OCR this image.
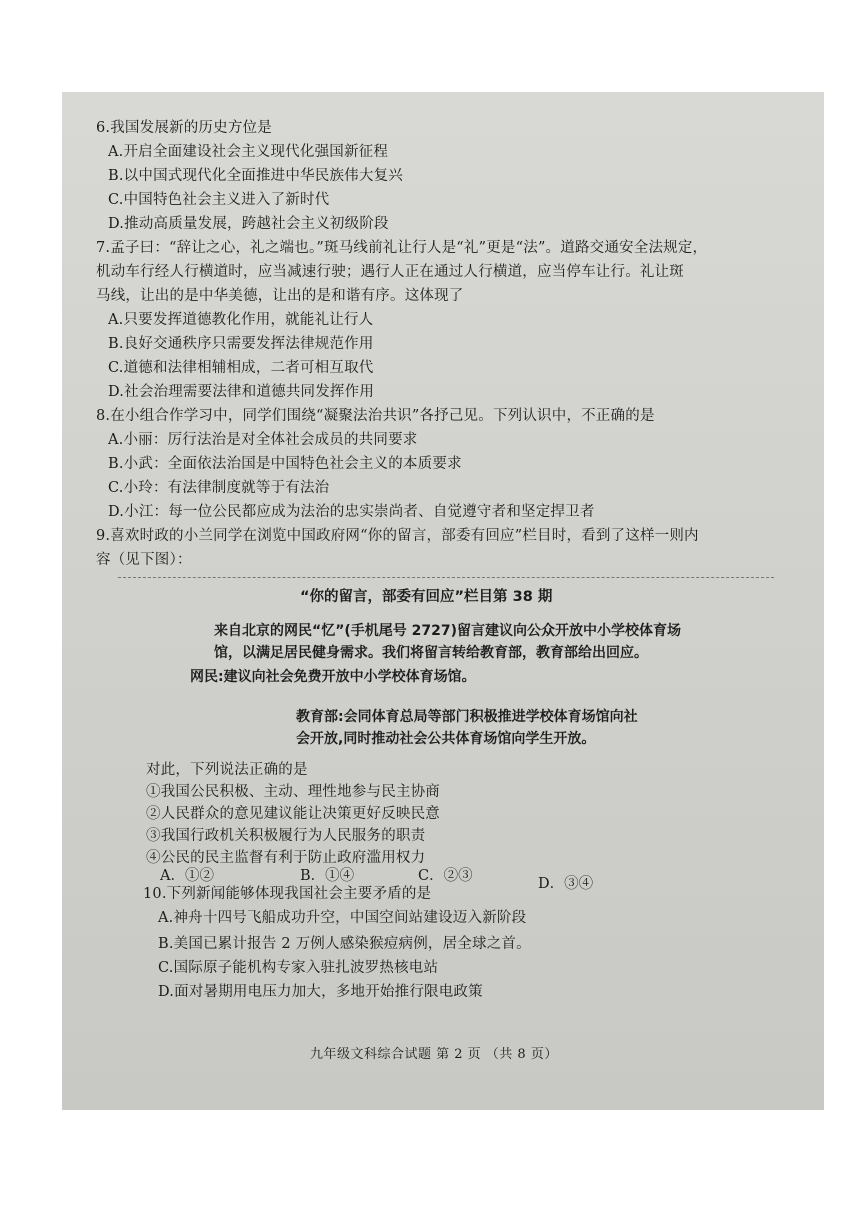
6.我国发展新的历史方位是
A.开启全面建设社会主义现代化强国新征程
B.以中国式现代化全面推进中华民族伟大复兴
C.中国特色社会主义进入了新时代
D.推动高质量发展，跨越社会主义初级阶段
7.孟子曰：“辞让之心，礼之端也。”斑马线前礼让行人是“礼”更是“法”。道路交通安全法规定，
机动车行经人行横道时，应当减速行驶；遇行人正在通过人行横道，应当停车让行。礼让斑
马线，让出的是中华美德，让出的是和谐有序。这体现了
A.只要发挥道德教化作用，就能礼让行人
B.良好交通秩序只需要发挥法律规范作用
C.道德和法律相辅相成，二者可相互取代
D.社会治理需要法律和道德共同发挥作用
8.在小组合作学习中，同学们围绕“凝聚法治共识”各抒己见。下列认识中，不正确的是
A.小丽：厉行法治是对全体社会成员的共同要求
B.小武：全面依法治国是中国特色社会主义的本质要求
C.小玲：有法律制度就等于有法治
D.小江：每一位公民都应成为法治的忠实崇尚者、自觉遵守者和坚定捍卫者
9.喜欢时政的小兰同学在浏览中国政府网“你的留言，部委有回应”栏目时，看到了这样一则内
容（见下图）：
“你的留言，部委有回应”栏目第 38 期
来自北京的网民“忆”(手机尾号 2727)留言建议向公众开放中小学校体育场
馆，以满足居民健身需求。我们将留言转给教育部，教育部给出回应。
网民:建议向社会免费开放中小学校体育场馆。
教育部:会同体育总局等部门积极推进学校体育场馆向社
会开放,同时推动社会公共体育场馆向学生开放。
对此，下列说法正确的是
①我国公民积极、主动、理性地参与民主协商
②人民群众的意见建议能让决策更好反映民意
③我国行政机关积极履行为人民服务的职责
④公民的民主监督有利于防止政府滥用权力
A．①②	B．①④	C．②③	D．③④
10.下列新闻能够体现我国社会主要矛盾的是
A.神舟十四号飞船成功升空，中国空间站建设迈入新阶段
B.美国已累计报告 2 万例人感染猴痘病例，居全球之首。
C.国际原子能机构专家入驻扎波罗热核电站
D.面对暑期用电压力加大，多地开始推行限电政策
九年级文科综合试题 第 2 页 （共 8 页）
